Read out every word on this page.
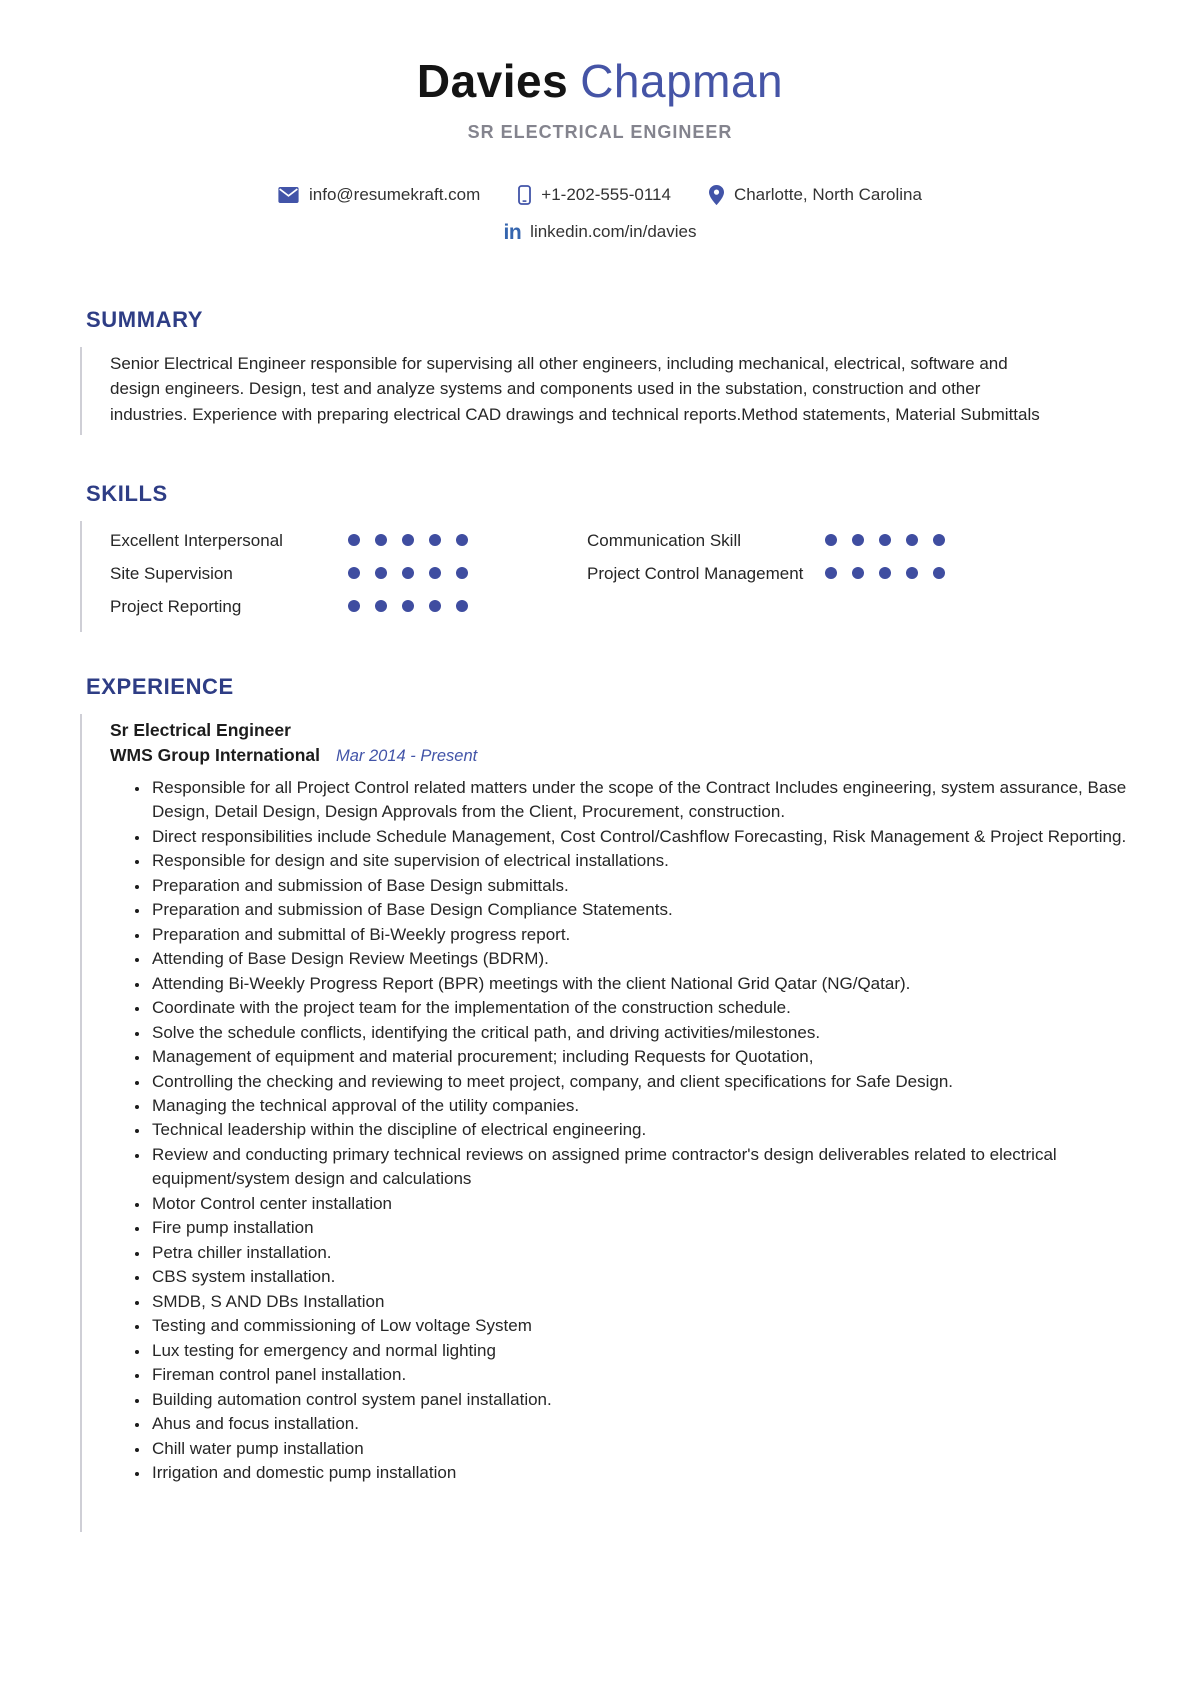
Davies Chapman
SR ELECTRICAL ENGINEER
info@resumekraft.com	+1-202-555-0114	Charlotte, North Carolina
in linkedin.com/in/davies
SUMMARY

Senior Electrical Engineer responsible for supervising all other engineers, including mechanical, electrical, software and design engineers. Design, test and analyze systems and components used in the substation, construction and other industries. Experience with preparing electrical CAD drawings and technical reports.Method statements, Material Submittals

SKILLS
Excellent Interpersonal
Site Supervision
Project Reporting
Communication Skill
Project Control Management
EXPERIENCE
Sr Electrical Engineer
WMS Group International Mar 2014 - Present
• Responsible for all Project Control related matters under the scope of the Contract Includes engineering, system assurance, Base Design, Detail Design, Design Approvals from the Client, Procurement, construction.
• Direct responsibilities include Schedule Management, Cost Control/Cashflow Forecasting, Risk Management & Project Reporting.
• Responsible for design and site supervision of electrical installations.
• Preparation and submission of Base Design submittals.
• Preparation and submission of Base Design Compliance Statements.
• Preparation and submittal of Bi-Weekly progress report.
• Attending of Base Design Review Meetings (BDRM).
• Attending Bi-Weekly Progress Report (BPR) meetings with the client National Grid Qatar (NG/Qatar).
• Coordinate with the project team for the implementation of the construction schedule.
• Solve the schedule conflicts, identifying the critical path, and driving activities/milestones.
• Management of equipment and material procurement; including Requests for Quotation,
• Controlling the checking and reviewing to meet project, company, and client specifications for Safe Design.
• Managing the technical approval of the utility companies.
• Technical leadership within the discipline of electrical engineering.
• Review and conducting primary technical reviews on assigned prime contractor's design deliverables related to electrical equipment/system design and calculations
• Motor Control center installation
• Fire pump installation
• Petra chiller installation.
• CBS system installation.
• SMDB, S AND DBs Installation
• Testing and commissioning of Low voltage System
• Lux testing for emergency and normal lighting
• Fireman control panel installation.
• Building automation control system panel installation.
• Ahus and focus installation.
• Chill water pump installation
• Irrigation and domestic pump installation
